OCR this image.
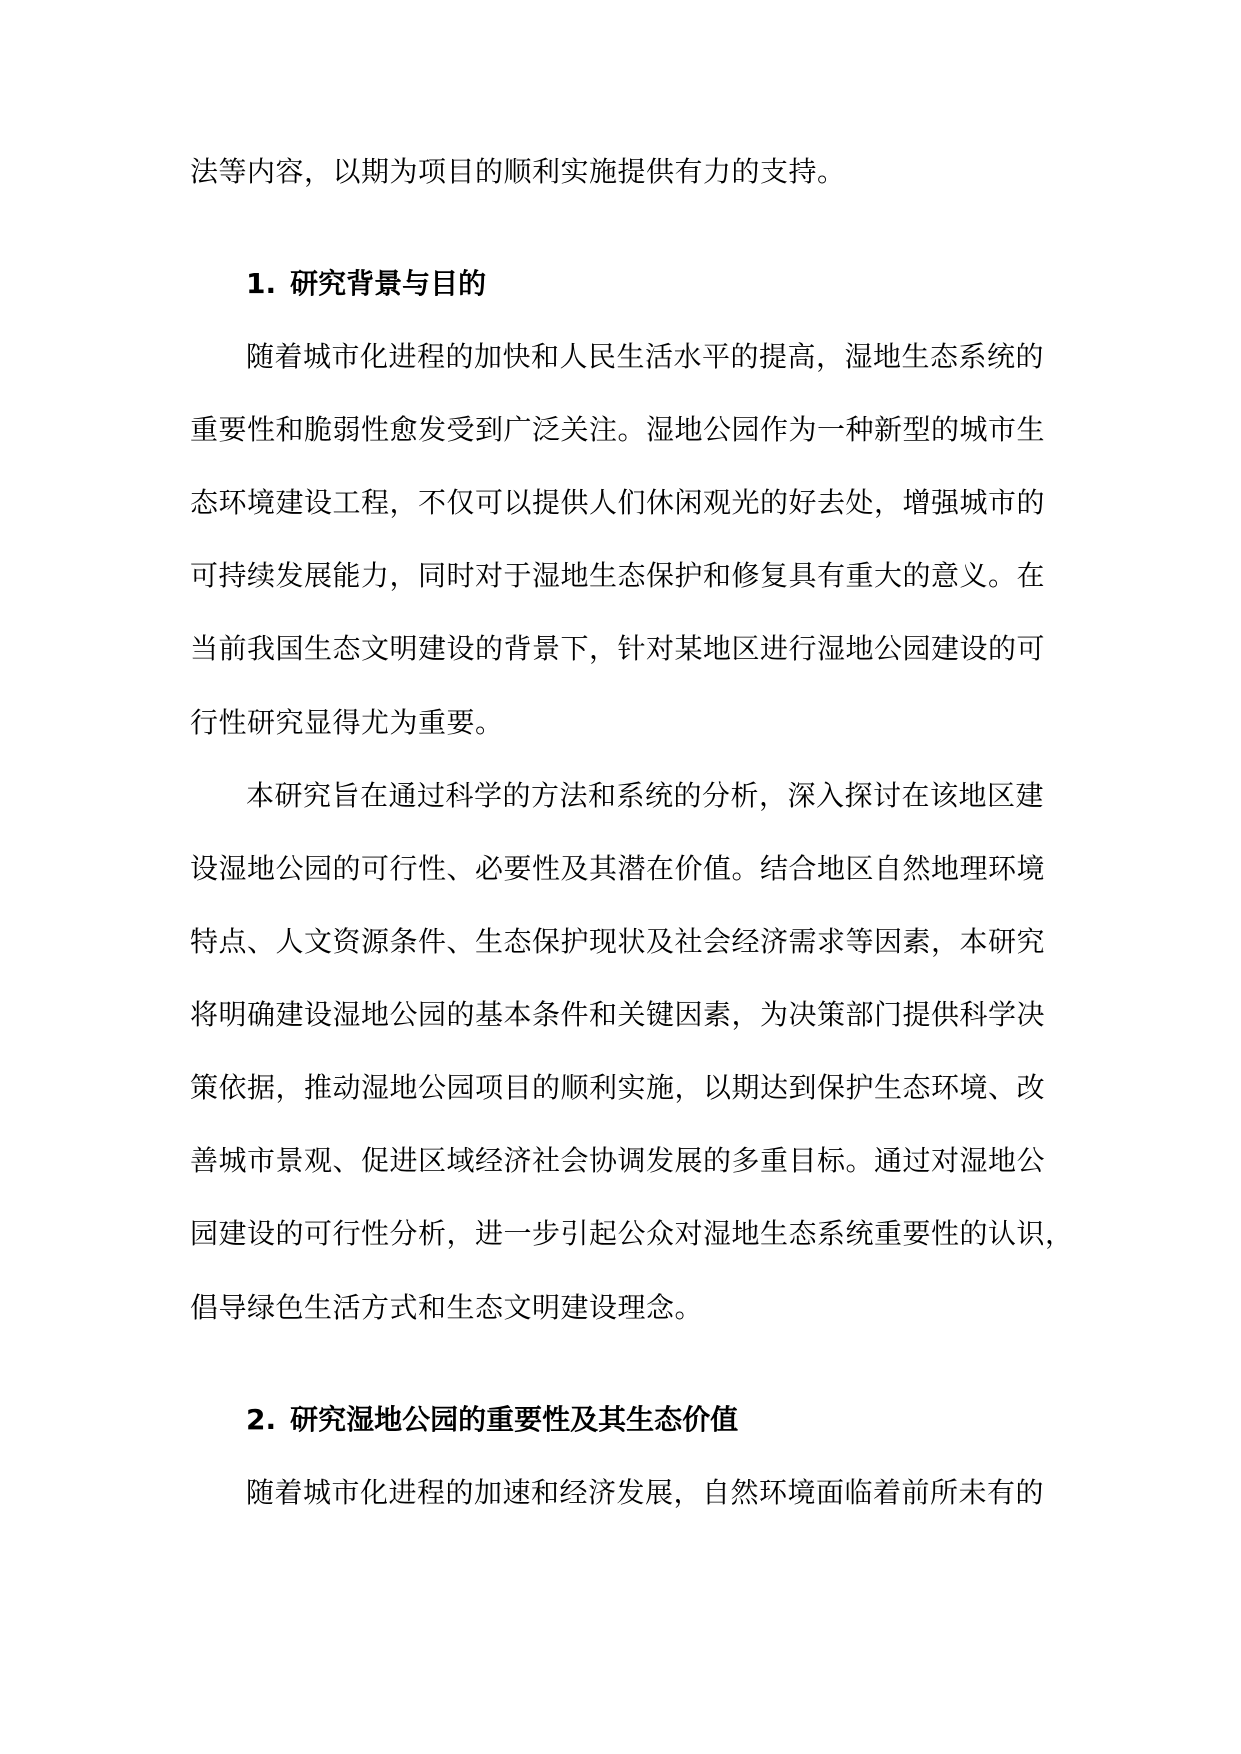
法等内容，以期为项目的顺利实施提供有力的支持。
1. 研究背景与目的
随着城市化进程的加快和人民生活水平的提高，湿地生态系统的
重要性和脆弱性愈发受到广泛关注。湿地公园作为一种新型的城市生
态环境建设工程，不仅可以提供人们休闲观光的好去处，增强城市的
可持续发展能力，同时对于湿地生态保护和修复具有重大的意义。在
当前我国生态文明建设的背景下，针对某地区进行湿地公园建设的可
行性研究显得尤为重要。
本研究旨在通过科学的方法和系统的分析，深入探讨在该地区建
设湿地公园的可行性、必要性及其潜在价值。结合地区自然地理环境
特点、人文资源条件、生态保护现状及社会经济需求等因素，本研究
将明确建设湿地公园的基本条件和关键因素，为决策部门提供科学决
策依据，推动湿地公园项目的顺利实施，以期达到保护生态环境、改
善城市景观、促进区域经济社会协调发展的多重目标。通过对湿地公
园建设的可行性分析，进一步引起公众对湿地生态系统重要性的认识，
倡导绿色生活方式和生态文明建设理念。
2. 研究湿地公园的重要性及其生态价值
随着城市化进程的加速和经济发展，自然环境面临着前所未有的
